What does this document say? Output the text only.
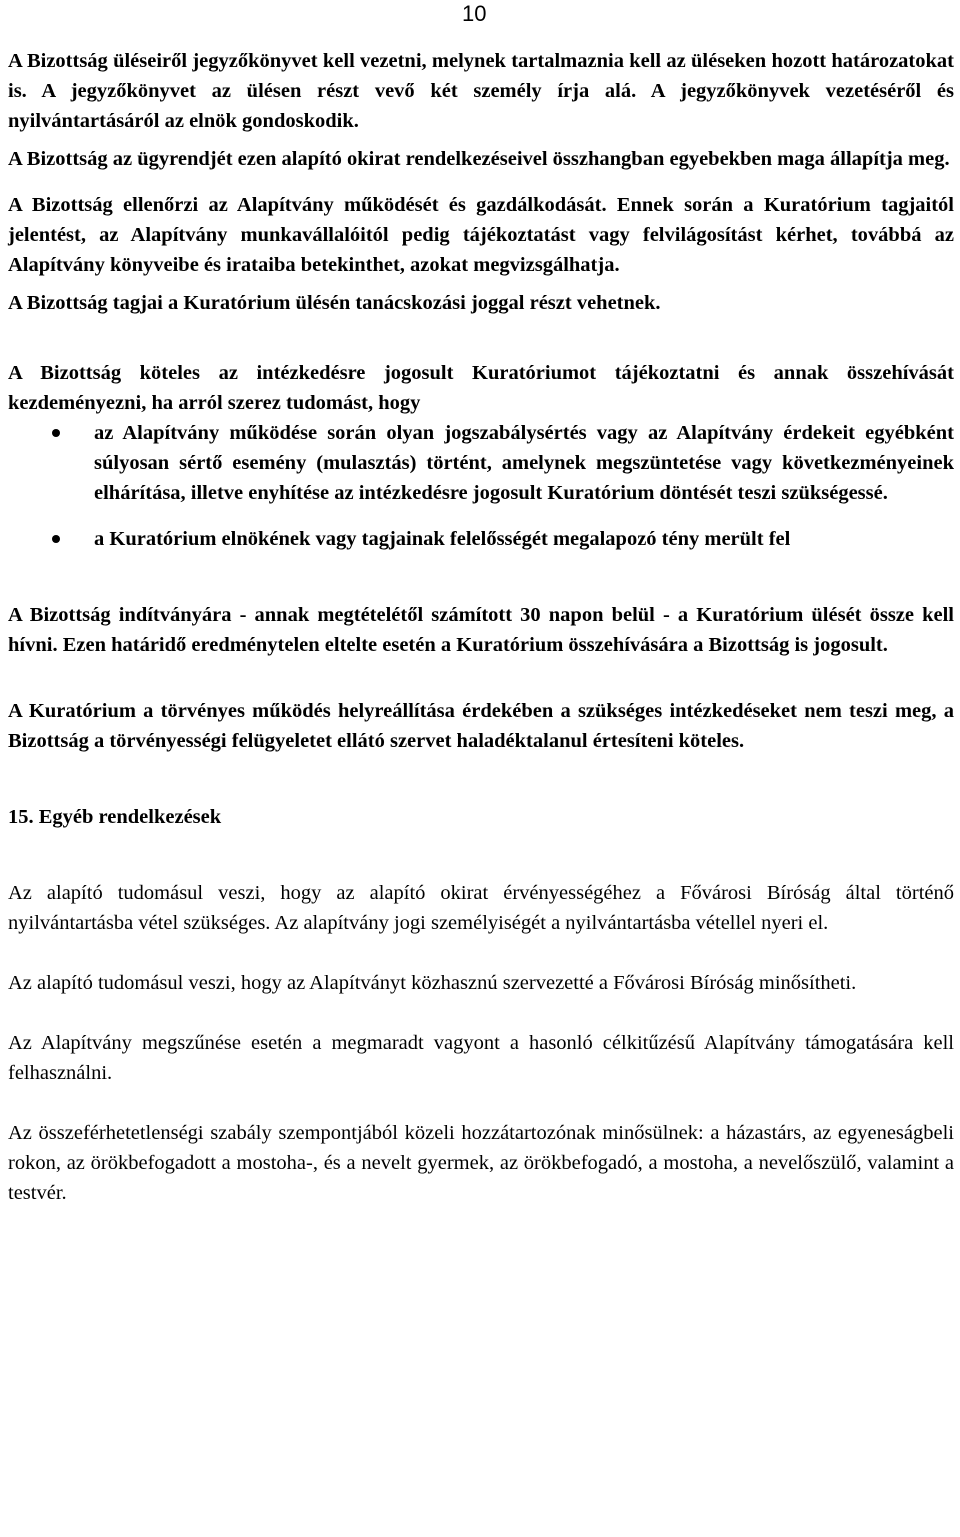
10

A Bizottság üléseiről jegyzőkönyvet kell vezetni, melynek tartalmaznia kell az üléseken hozott határozatokat is. A jegyzőkönyvet az ülésen részt vevő két személy írja alá. A jegyzőkönyvek vezetéséről és nyilvántartásáról az elnök gondoskodik.

A Bizottság az ügyrendjét ezen alapító okirat rendelkezéseivel összhangban egyebekben maga állapítja meg.

A Bizottság ellenőrzi az Alapítvány működését és gazdálkodását. Ennek során a Kuratórium tagjaitól jelentést, az Alapítvány munkavállalóitól pedig tájékoztatást vagy felvilágosítást kérhet, továbbá az Alapítvány könyveibe és irataiba betekinthet, azokat megvizsgálhatja.

A Bizottság tagjai a Kuratórium ülésén tanácskozási joggal részt vehetnek.

A Bizottság köteles az intézkedésre jogosult Kuratóriumot tájékoztatni és annak összehívását kezdeményezni, ha arról szerez tudomást, hogy

az Alapítvány működése során olyan jogszabálysértés vagy az Alapítvány érdekeit egyébként súlyosan sértő esemény (mulasztás) történt, amelynek megszüntetése vagy következményeinek elhárítása, illetve enyhítése az intézkedésre jogosult Kuratórium döntését teszi szükségessé.
a Kuratórium elnökének vagy tagjainak felelősségét megalapozó tény merült fel

A Bizottság indítványára - annak megtételétől számított 30 napon belül - a Kuratórium ülését össze kell hívni. Ezen határidő eredménytelen eltelte esetén a Kuratórium összehívására a Bizottság is jogosult.

A Kuratórium a törvényes működés helyreállítása érdekében a szükséges intézkedéseket nem teszi meg, a Bizottság a törvényességi felügyeletet ellátó szervet haladéktalanul értesíteni köteles.

15. Egyéb rendelkezések

Az alapító tudomásul veszi, hogy az alapító okirat érvényességéhez a Fővárosi Bíróság által történő nyilvántartásba vétel szükséges. Az alapítvány jogi személyiségét a nyilvántartásba vétellel nyeri el.

Az alapító tudomásul veszi, hogy az Alapítványt közhasznú szervezetté a Fővárosi Bíróság minősítheti.

Az Alapítvány megszűnése esetén a megmaradt vagyont a hasonló célkitűzésű Alapítvány támogatására kell felhasználni.

Az összeférhetetlenségi szabály szempontjából közeli hozzátartozónak minősülnek: a házastárs, az egyeneságbeli rokon, az örökbefogadott a mostoha-, és a nevelt gyermek, az örökbefogadó, a mostoha, a nevelőszülő, valamint a testvér.
